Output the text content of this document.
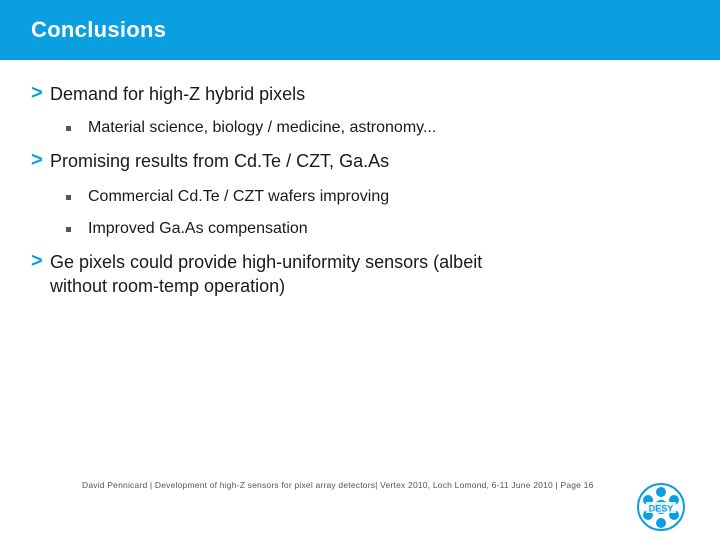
Conclusions
> Demand for high-Z hybrid pixels
Material science, biology / medicine, astronomy...
> Promising results from Cd.Te / CZT, Ga.As
Commercial Cd.Te / CZT wafers improving
Improved Ga.As compensation
> Ge pixels could provide high-uniformity sensors (albeit without room-temp operation)
David Pennicard | Development of high-Z sensors for pixel array detectors| Vertex 2010, Loch Lomond, 6-11 June 2010 | Page 16
DESY
